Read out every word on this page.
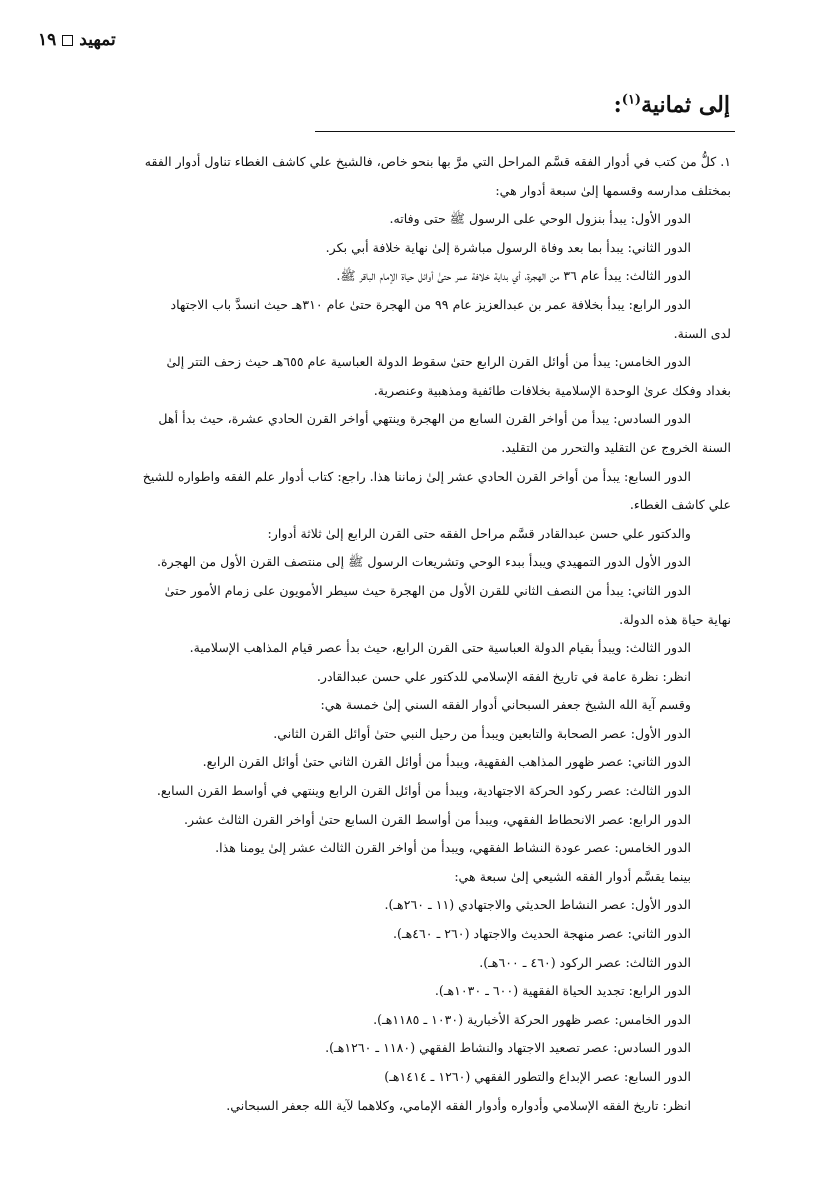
تمهيد١٩
إلى ثمانية$^{(١)}$:

١. كلُّ من كتب في أدوار الفقه قسَّم المراحل التي مرَّ بها بنحو خاص، فالشيخ علي كاشف الغطاء تناول أدوار الفقه

بمختلف مدارسه وقسمها إلىٰ سبعة أدوار هي:

الدور الأول: يبدأ بنزول الوحي على الرسول ﷺ حتى وفاته.

الدور الثاني: يبدأ بما بعد وفاة الرسول مباشرة إلىٰ نهاية خلافة أبي بكر.

الدور الثالث: يبدأ عام ٣٦ من الهجرة، أي بداية خلافة عمر حتىٰ أوائل حياة الإمام الباقر ﷺ.

الدور الرابع: يبدأ بخلافة عمر بن عبدالعزيز عام ٩٩ من الهجرة حتىٰ عام ٣١٠هـ حيث انسدَّ باب الاجتهاد

لدى السنة.

الدور الخامس: يبدأ من أوائل القرن الرابع حتىٰ سقوط الدولة العباسية عام ٦٥٥هـ حيث زحف التتر إلىٰ

بغداد وفكك عرىٰ الوحدة الإسلامية بخلافات طائفية ومذهبية وعنصرية.

الدور السادس: يبدأ من أواخر القرن السابع من الهجرة وينتهي أواخر القرن الحادي عشرة، حيث بدأ أهل

السنة الخروج عن التقليد والتحرر من التقليد.

الدور السابع: يبدأ من أواخر القرن الحادي عشر إلىٰ زماننا هذا. راجع: كتاب أدوار علم الفقه واطواره للشيخ

علي كاشف الغطاء.

والدكتور علي حسن عبدالقادر قسَّم مراحل الفقه حتى القرن الرابع إلىٰ ثلاثة أدوار:

الدور الأول الدور التمهيدي ويبدأ ببدء الوحي وتشريعات الرسول ﷺ إلى منتصف القرن الأول من الهجرة.

الدور الثاني: يبدأ من النصف الثاني للقرن الأول من الهجرة حيث سيطر الأمويون على زمام الأمور حتىٰ

نهاية حياة هذه الدولة.

الدور الثالث: ويبدأ بقيام الدولة العباسية حتى القرن الرابع، حيث بدأ عصر قيام المذاهب الإسلامية.

انظر: نظرة عامة في تاريخ الفقه الإسلامي للدكتور علي حسن عبدالقادر.

وقسم آية الله الشيخ جعفر السبحاني أدوار الفقه السني إلىٰ خمسة هي:

الدور الأول: عصر الصحابة والتابعين ويبدأ من رحيل النبي حتىٰ أوائل القرن الثاني.

الدور الثاني: عصر ظهور المذاهب الفقهية، ويبدأ من أوائل القرن الثاني حتىٰ أوائل القرن الرابع.

الدور الثالث: عصر ركود الحركة الاجتهادية، ويبدأ من أوائل القرن الرابع وينتهي في أواسط القرن السابع.

الدور الرابع: عصر الانحطاط الفقهي، ويبدأ من أواسط القرن السابع حتىٰ أواخر القرن الثالث عشر.

الدور الخامس: عصر عودة النشاط الفقهي، ويبدأ من أواخر القرن الثالث عشر إلىٰ يومنا هذا.

بينما يقسَّم أدوار الفقه الشيعي إلىٰ سبعة هي:

الدور الأول: عصر النشاط الحديثي والاجتهادي (١١ ـ ٢٦٠هـ).

الدور الثاني: عصر منهجة الحديث والاجتهاد (٢٦٠ ـ ٤٦٠هـ).

الدور الثالث: عصر الركود (٤٦٠ ـ ٦٠٠هـ).

الدور الرابع: تجديد الحياة الفقهية (٦٠٠ ـ ١٠٣٠هـ).

الدور الخامس: عصر ظهور الحركة الأخبارية (١٠٣٠ ـ ١١٨٥هـ).

الدور السادس: عصر تصعيد الاجتهاد والنشاط الفقهي (١١٨٠ ـ ١٢٦٠هـ).

الدور السابع: عصر الإبداع والتطور الفقهي (١٢٦٠ ـ ١٤١٤هـ)

انظر: تاريخ الفقه الإسلامي وأدواره وأدوار الفقه الإمامي، وكلاهما لآية الله جعفر السبحاني.
